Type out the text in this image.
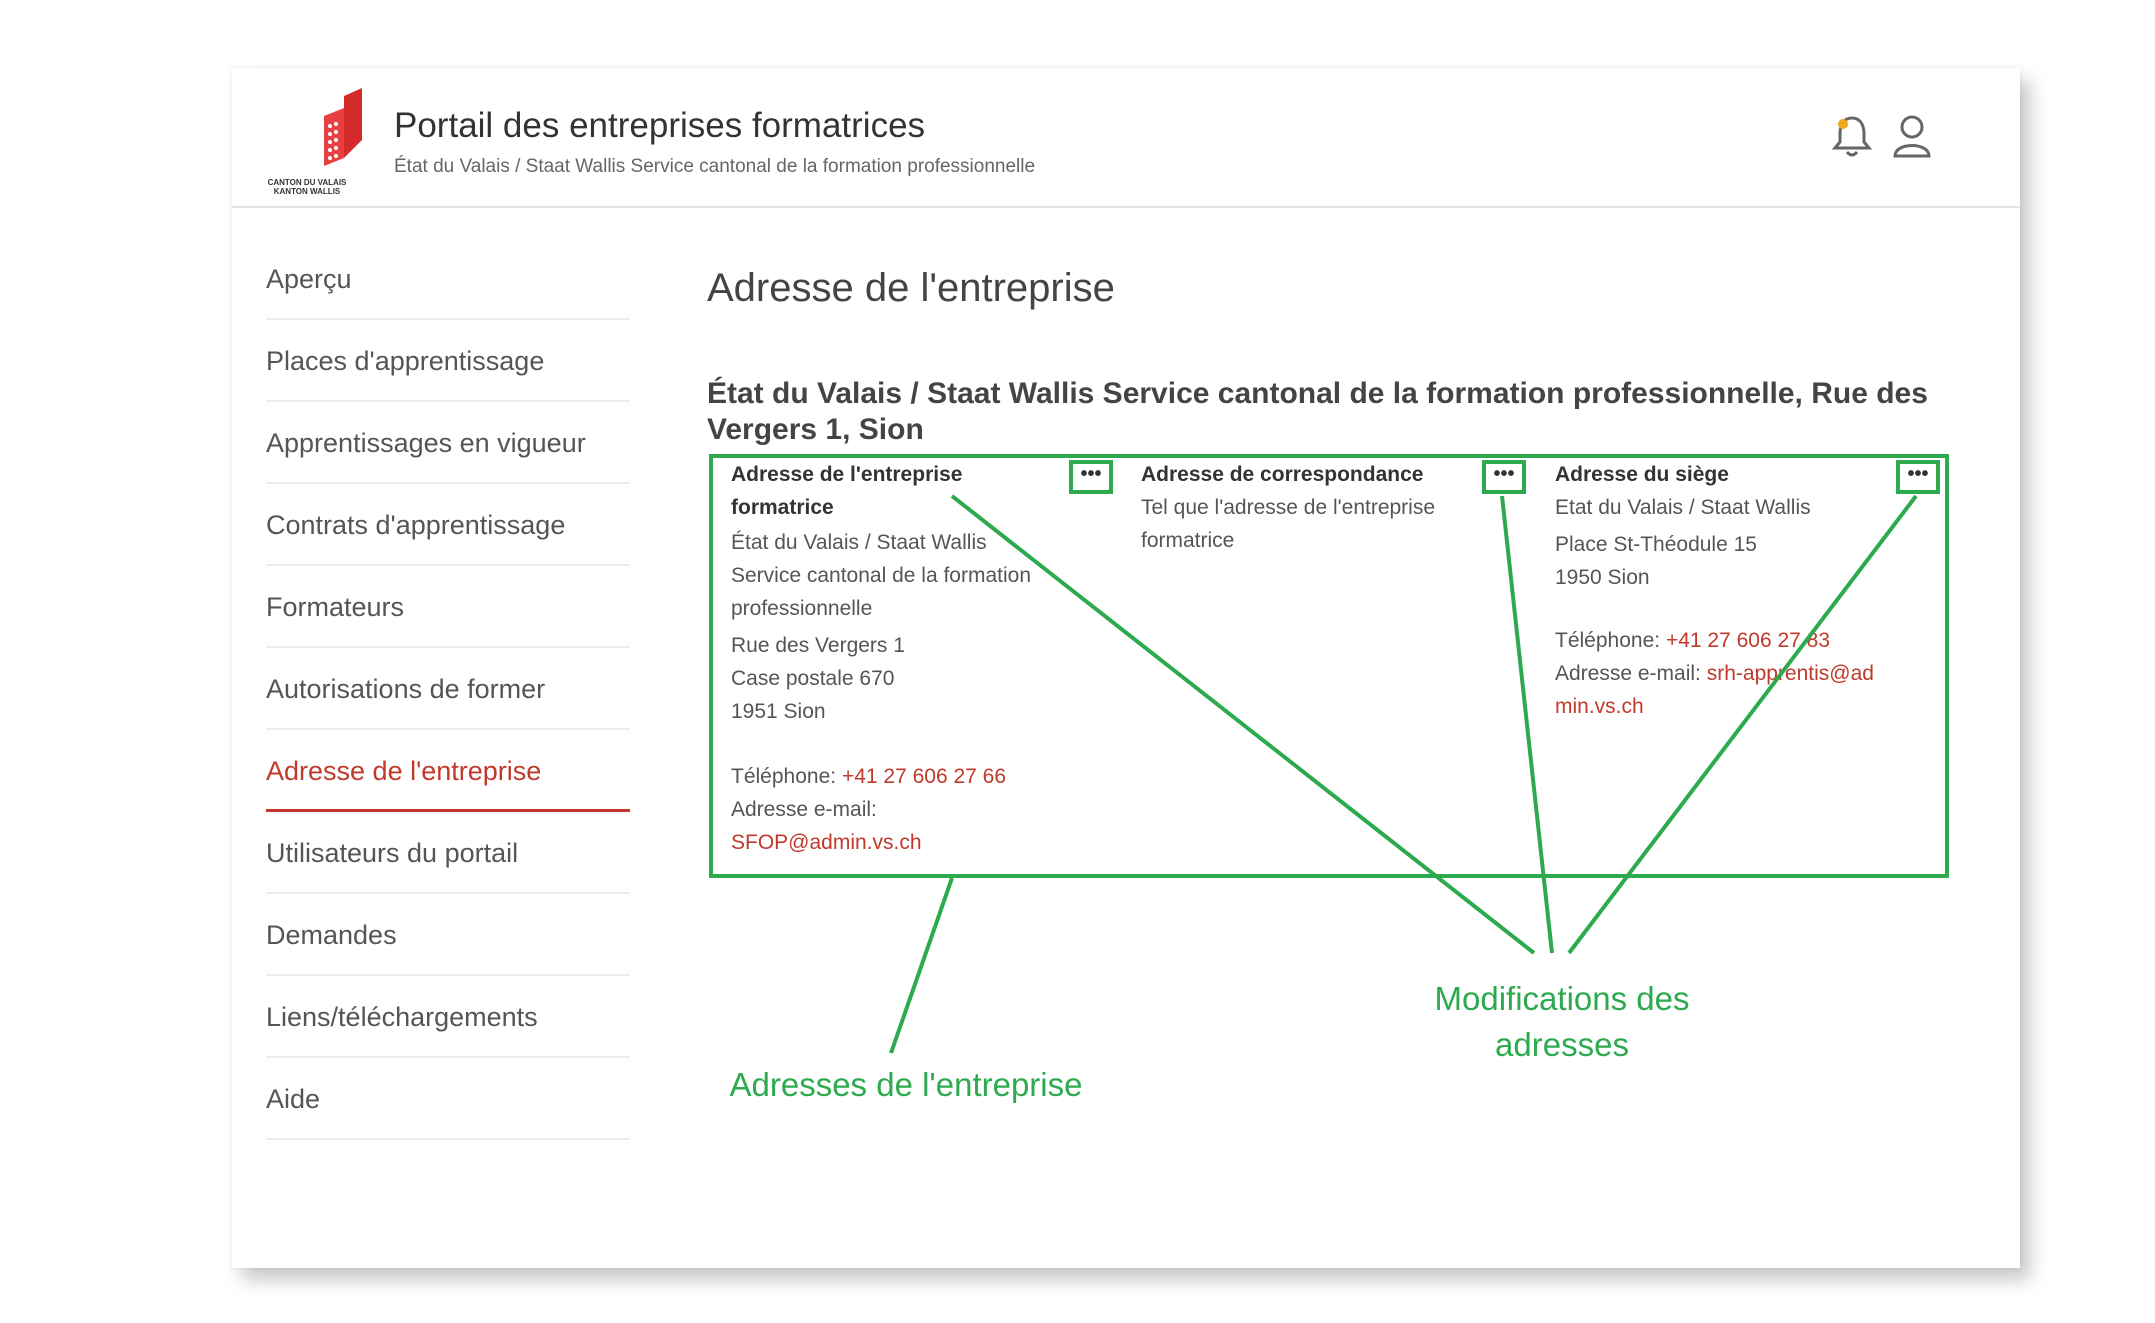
CANTON DU VALAIS
KANTON WALLIS
Portail des entreprises formatrices
État du Valais / Staat Wallis Service cantonal de la formation professionnelle
Aperçu
Places d'apprentissage
Apprentissages en vigueur
Contrats d'apprentissage
Formateurs
Autorisations de former
Adresse de l'entreprise
Utilisateurs du portail
Demandes
Liens/téléchargements
Aide
Adresse de l'entreprise
État du Valais / Staat Wallis Service cantonal de la formation professionnelle, Rue des Vergers 1, Sion
Adresse de l'entreprise formatrice
État du Valais / Staat Wallis Service cantonal de la formation professionnelle
Rue des Vergers 1
Case postale 670
1951 Sion
Téléphone: +41 27 606 27 66
Adresse e-mail:
SFOP@admin.vs.ch
•••	Adresse de correspondance
Tel que l'adresse de l'entreprise formatrice
•••	Adresse du siège
Etat du Valais / Staat Wallis
Place St-Théodule 15
1950 Sion
Téléphone: +41 27 606 27 83
Adresse e-mail: srh-apprentis@admin.vs.ch
•••
Adresses de l'entreprise
Modifications des
adresses
